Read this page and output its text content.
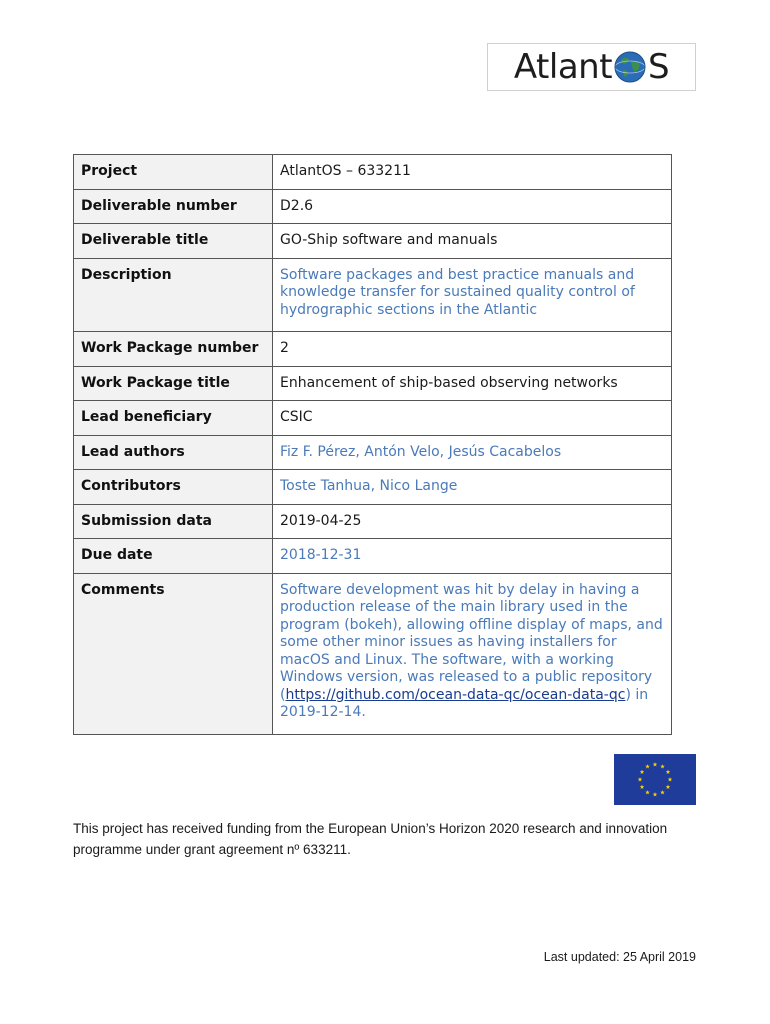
Atlant S
Project	AtlantOS – 633211
Deliverable number	D2.6
Deliverable title	GO-Ship software and manuals
Description	Software packages and best practice manuals and knowledge transfer for sustained quality control of hydrographic sections in the Atlantic
Work Package number	2
Work Package title	Enhancement of ship-based observing networks
Lead beneficiary	CSIC
Lead authors	Fiz F. Pérez, Antón Velo, Jesús Cacabelos
Contributors	Toste Tanhua, Nico Lange
Submission data	2019-04-25
Due date	2018-12-31
Comments	Software development was hit by delay in having a production release of the main library used in the program (bokeh), allowing offline display of maps, and some other minor issues as having installers for macOS and Linux. The software, with a working Windows version, was released to a public repository (https://github.com/ocean-data-qc/ocean-data-qc) in 2019-12-14.

This project has received funding from the European Union’s Horizon 2020 research and innovation programme under grant agreement nº 633211.

Last updated: 25 April 2019
